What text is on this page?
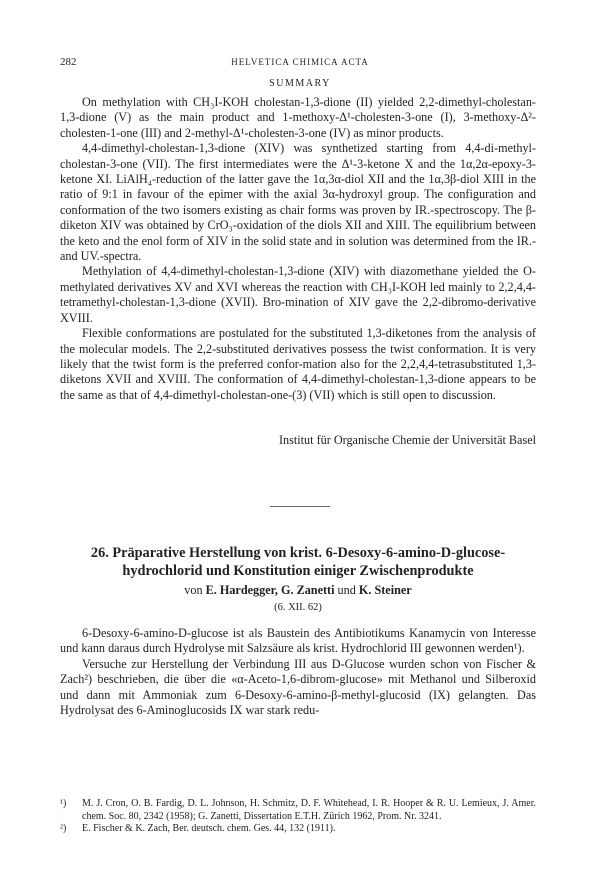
282	HELVETICA CHIMICA ACTA
SUMMARY

On methylation with CH₃I-KOH cholestan-1,3-dione (II) yielded 2,2-dimethyl-cholestan-1,3-dione (V) as the main product and 1-methoxy-Δ¹-cholesten-3-one (I), 3-methoxy-Δ²-cholesten-1-one (III) and 2-methyl-Δ¹-cholesten-3-one (IV) as minor products.

4,4-dimethyl-cholestan-1,3-dione (XIV) was synthetized starting from 4,4-di-methyl-cholestan-3-one (VII). The first intermediates were the Δ¹-3-ketone X and the 1α,2α-epoxy-3-ketone XI. LiAlH₄-reduction of the latter gave the 1α,3α-diol XII and the 1α,3β-diol XIII in the ratio of 9:1 in favour of the epimer with the axial 3α-hydroxyl group. The configuration and conformation of the two isomers existing as chair forms was proven by IR.-spectroscopy. The β-diketon XIV was obtained by CrO₃-oxidation of the diols XII and XIII. The equilibrium between the keto and the enol form of XIV in the solid state and in solution was determined from the IR.- and UV.-spectra.

Methylation of 4,4-dimethyl-cholestan-1,3-dione (XIV) with diazomethane yielded the O-methylated derivatives XV and XVI whereas the reaction with CH₃I-KOH led mainly to 2,2,4,4-tetramethyl-cholestan-1,3-dione (XVII). Bro-mination of XIV gave the 2,2-dibromo-derivative XVIII.

Flexible conformations are postulated for the substituted 1,3-diketones from the analysis of the molecular models. The 2,2-substituted derivatives possess the twist conformation. It is very likely that the twist form is the preferred confor-mation also for the 2,2,4,4-tetrasubstituted 1,3-diketons XVII and XVIII. The conformation of 4,4-dimethyl-cholestan-1,3-dione appears to be the same as that of 4,4-dimethyl-cholestan-one-(3) (VII) which is still open to discussion.

Institut für Organische Chemie der Universität Basel
26. Präparative Herstellung von krist. 6-Desoxy-6-amino-D-glucose-hydrochlorid und Konstitution einiger Zwischenprodukte
von E. Hardegger, G. Zanetti und K. Steiner
(6. XII. 62)

6-Desoxy-6-amino-D-glucose ist als Baustein des Antibiotikums Kanamycin von Interesse und kann daraus durch Hydrolyse mit Salzsäure als krist. Hydrochlorid III gewonnen werden¹).

Versuche zur Herstellung der Verbindung III aus D-Glucose wurden schon von Fischer & Zach²) beschrieben, die über die «α-Aceto-1,6-dibrom-glucose» mit Methanol und Silberoxid und dann mit Ammoniak zum 6-Desoxy-6-amino-β-methyl-glucosid (IX) gelangten. Das Hydrolysat des 6-Aminoglucosids IX war stark redu-

¹)	M. J. Cron, O. B. Fardig, D. L. Johnson, H. Schmitz, D. F. Whitehead, I. R. Hooper & R. U. Lemieux, J. Amer. chem. Soc. 80, 2342 (1958); G. Zanetti, Dissertation E.T.H. Zürich 1962, Prom. Nr. 3241.
²)	E. Fischer & K. Zach, Ber. deutsch. chem. Ges. 44, 132 (1911).
